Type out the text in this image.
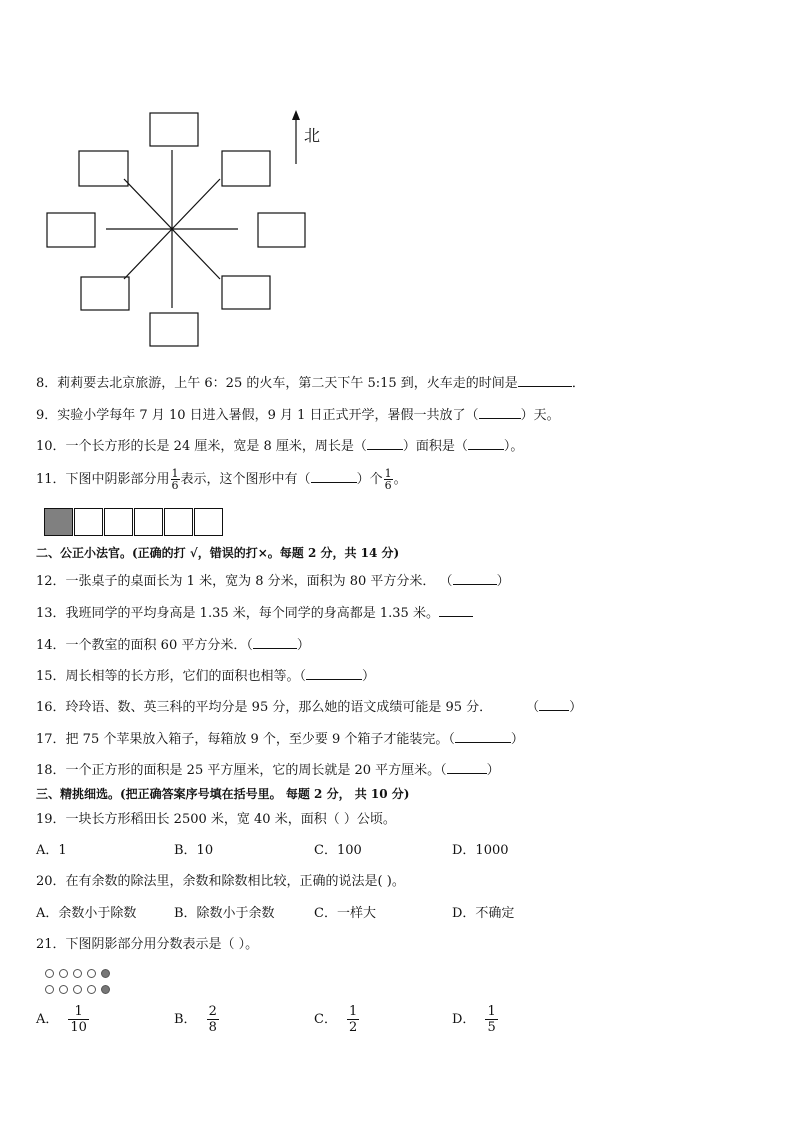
北
8．莉莉要去北京旅游，上午 6：25 的火车，第二天下午 5:15 到，火车走的时间是	．
9．实验小学每年 7 月 10 日进入暑假，9 月 1 日正式开学，暑假一共放了（	）天。
10．一个长方形的长是 24 厘米，宽是 8 厘米，周长是（	）面积是（	）。
11．下图中阴影部分用 $\frac{1}{6}$ 表示，这个图形中有（	）个 $\frac{1}{6}$ 。
二、公正小法官。(正确的打 √，错误的打×。每题 2 分，共 14 分)
12．一张桌子的桌面长为 1 米，宽为 8 分米，面积为 80 平方分米． （	）
13．我班同学的平均身高是 1.35 米，每个同学的身高都是 1.35 米。
14．一个教室的面积 60 平方分米．（	）
15．周长相等的长方形，它们的面积也相等。（	）
16．玲玲语、数、英三科的平均分是 95 分，那么她的语文成绩可能是 95 分．	（ ）
17．把 75 个苹果放入箱子，每箱放 9 个，至少要 9 个箱子才能装完。（	）
18．一个正方形的面积是 25 平方厘米，它的周长就是 20 平方厘米。（	）
三、精挑细选。(把正确答案序号填在括号里。 每题 2 分， 共 10 分)
19．一块长方形稻田长 2500 米，宽 40 米，面积（ ）公顷。
A．1	B．10	C．100	D．1000
20．在有余数的除法里，余数和除数相比较，正确的说法是( )。
A．余数小于除数	B．除数小于余数	C．一样大	D．不确定
21．下图阴影部分用分数表示是（ ）。
A． $\frac{1}{10}$	B． $\frac{2}{8}$	C． $\frac{1}{2}$	D． $\frac{1}{5}$
